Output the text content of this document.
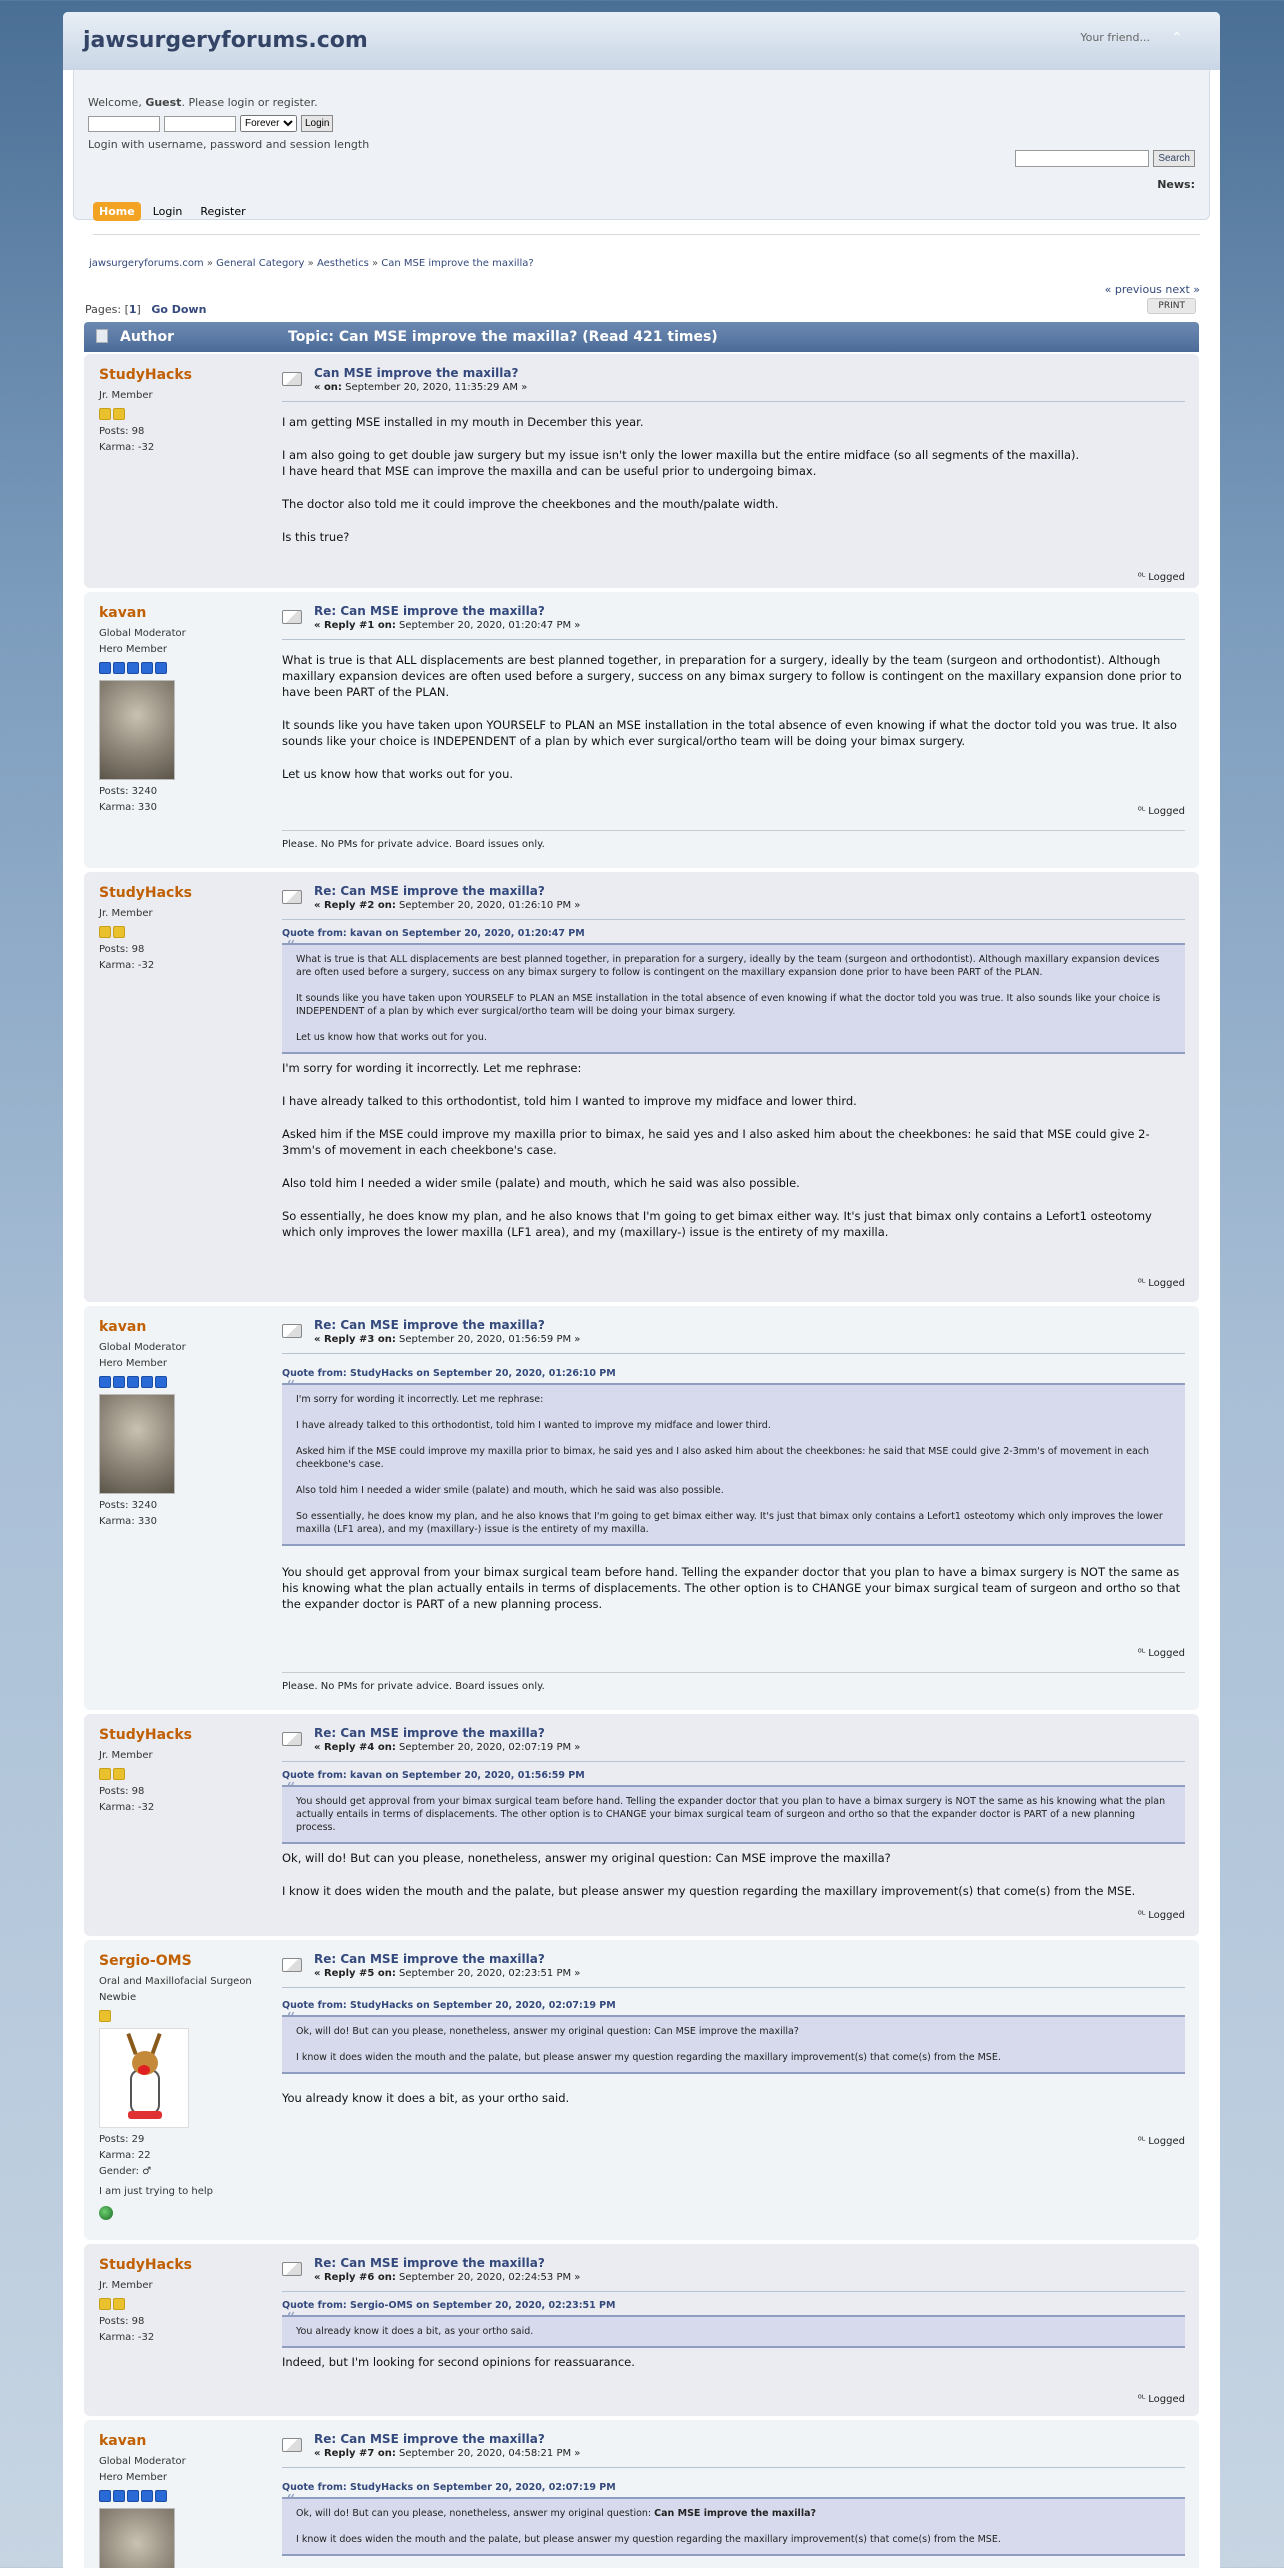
jawsurgeryforums.com	Your friend... ⌃
Welcome, Guest. Please login or register.
Forever
Login
Login with username, password and session length
Search
News:
Home	Login	Register
jawsurgeryforums.com » General Category » Aesthetics » Can MSE improve the maxilla?
« previous next »
Pages: [1] Go Down	PRINT
Author	Topic: Can MSE improve the maxilla? (Read 421 times)
StudyHacks
Jr. Member
Posts: 98
Karma: -32
Can MSE improve the maxilla?
« on: September 20, 2020, 11:35:29 AM »

I am getting MSE installed in my mouth in December this year.

I am also going to get double jaw surgery but my issue isn't only the lower maxilla but the entire midface (so all segments of the maxilla).
I have heard that MSE can improve the maxilla and can be useful prior to undergoing bimax.

The doctor also told me it could improve the cheekbones and the mouth/palate width.

Is this true?

⁰ᴸ Logged
kavan
Global Moderator
Hero Member
Posts: 3240
Karma: 330
Re: Can MSE improve the maxilla?
« Reply #1 on: September 20, 2020, 01:20:47 PM »

What is true is that ALL displacements are best planned together, in preparation for a surgery, ideally by the team (surgeon and orthodontist). Although maxillary expansion devices are often used before a surgery, success on any bimax surgery to follow is contingent on the maxillary expansion done prior to have been PART of the PLAN.

It sounds like you have taken upon YOURSELF to PLAN an MSE installation in the total absence of even knowing if what the doctor told you was true. It also sounds like your choice is INDEPENDENT of a plan by which ever surgical/ortho team will be doing your bimax surgery.

Let us know how that works out for you.

⁰ᴸ Logged
Please. No PMs for private advice. Board issues only.
StudyHacks
Jr. Member
Posts: 98
Karma: -32
Re: Can MSE improve the maxilla?
« Reply #2 on: September 20, 2020, 01:26:10 PM »
Quote from: kavan on September 20, 2020, 01:20:47 PM

“ What is true is that ALL displacements are best planned together, in preparation for a surgery, ideally by the team (surgeon and orthodontist). Although maxillary expansion devices are often used before a surgery, success on any bimax surgery to follow is contingent on the maxillary expansion done prior to have been PART of the PLAN.

It sounds like you have taken upon YOURSELF to PLAN an MSE installation in the total absence of even knowing if what the doctor told you was true. It also sounds like your choice is INDEPENDENT of a plan by which ever surgical/ortho team will be doing your bimax surgery.

Let us know how that works out for you.

I'm sorry for wording it incorrectly. Let me rephrase:

I have already talked to this orthodontist, told him I wanted to improve my midface and lower third.

Asked him if the MSE could improve my maxilla prior to bimax, he said yes and I also asked him about the cheekbones: he said that MSE could give 2-3mm's of movement in each cheekbone's case.

Also told him I needed a wider smile (palate) and mouth, which he said was also possible.

So essentially, he does know my plan, and he also knows that I'm going to get bimax either way. It's just that bimax only contains a Lefort1 osteotomy which only improves the lower maxilla (LF1 area), and my (maxillary-) issue is the entirety of my maxilla.

⁰ᴸ Logged
kavan
Global Moderator
Hero Member
Posts: 3240
Karma: 330
Re: Can MSE improve the maxilla?
« Reply #3 on: September 20, 2020, 01:56:59 PM »
Quote from: StudyHacks on September 20, 2020, 01:26:10 PM

“ I'm sorry for wording it incorrectly. Let me rephrase:

I have already talked to this orthodontist, told him I wanted to improve my midface and lower third.

Asked him if the MSE could improve my maxilla prior to bimax, he said yes and I also asked him about the cheekbones: he said that MSE could give 2-3mm's of movement in each cheekbone's case.

Also told him I needed a wider smile (palate) and mouth, which he said was also possible.

So essentially, he does know my plan, and he also knows that I'm going to get bimax either way. It's just that bimax only contains a Lefort1 osteotomy which only improves the lower maxilla (LF1 area), and my (maxillary-) issue is the entirety of my maxilla.

You should get approval from your bimax surgical team before hand. Telling the expander doctor that you plan to have a bimax surgery is NOT the same as his knowing what the plan actually entails in terms of displacements. The other option is to CHANGE your bimax surgical team of surgeon and ortho so that the expander doctor is PART of a new planning process.

⁰ᴸ Logged
Please. No PMs for private advice. Board issues only.
StudyHacks
Jr. Member
Posts: 98
Karma: -32
Re: Can MSE improve the maxilla?
« Reply #4 on: September 20, 2020, 02:07:19 PM »
Quote from: kavan on September 20, 2020, 01:56:59 PM

“ You should get approval from your bimax surgical team before hand. Telling the expander doctor that you plan to have a bimax surgery is NOT the same as his knowing what the plan actually entails in terms of displacements. The other option is to CHANGE your bimax surgical team of surgeon and ortho so that the expander doctor is PART of a new planning process.

Ok, will do! But can you please, nonetheless, answer my original question: Can MSE improve the maxilla?

I know it does widen the mouth and the palate, but please answer my question regarding the maxillary improvement(s) that come(s) from the MSE.

⁰ᴸ Logged
Sergio-OMS
Oral and Maxillofacial Surgeon
Newbie
Posts: 29
Karma: 22
Gender: ♂
I am just trying to help
Re: Can MSE improve the maxilla?
« Reply #5 on: September 20, 2020, 02:23:51 PM »
Quote from: StudyHacks on September 20, 2020, 02:07:19 PM

“ Ok, will do! But can you please, nonetheless, answer my original question: Can MSE improve the maxilla?

I know it does widen the mouth and the palate, but please answer my question regarding the maxillary improvement(s) that come(s) from the MSE.

You already know it does a bit, as your ortho said.

⁰ᴸ Logged
StudyHacks
Jr. Member
Posts: 98
Karma: -32
Re: Can MSE improve the maxilla?
« Reply #6 on: September 20, 2020, 02:24:53 PM »
Quote from: Sergio-OMS on September 20, 2020, 02:23:51 PM

“ You already know it does a bit, as your ortho said.

Indeed, but I'm looking for second opinions for reassuarance.

⁰ᴸ Logged
kavan
Global Moderator
Hero Member
Re: Can MSE improve the maxilla?
« Reply #7 on: September 20, 2020, 04:58:21 PM »
Quote from: StudyHacks on September 20, 2020, 02:07:19 PM

“ Ok, will do! But can you please, nonetheless, answer my original question: Can MSE improve the maxilla?

I know it does widen the mouth and the palate, but please answer my question regarding the maxillary improvement(s) that come(s) from the MSE.
